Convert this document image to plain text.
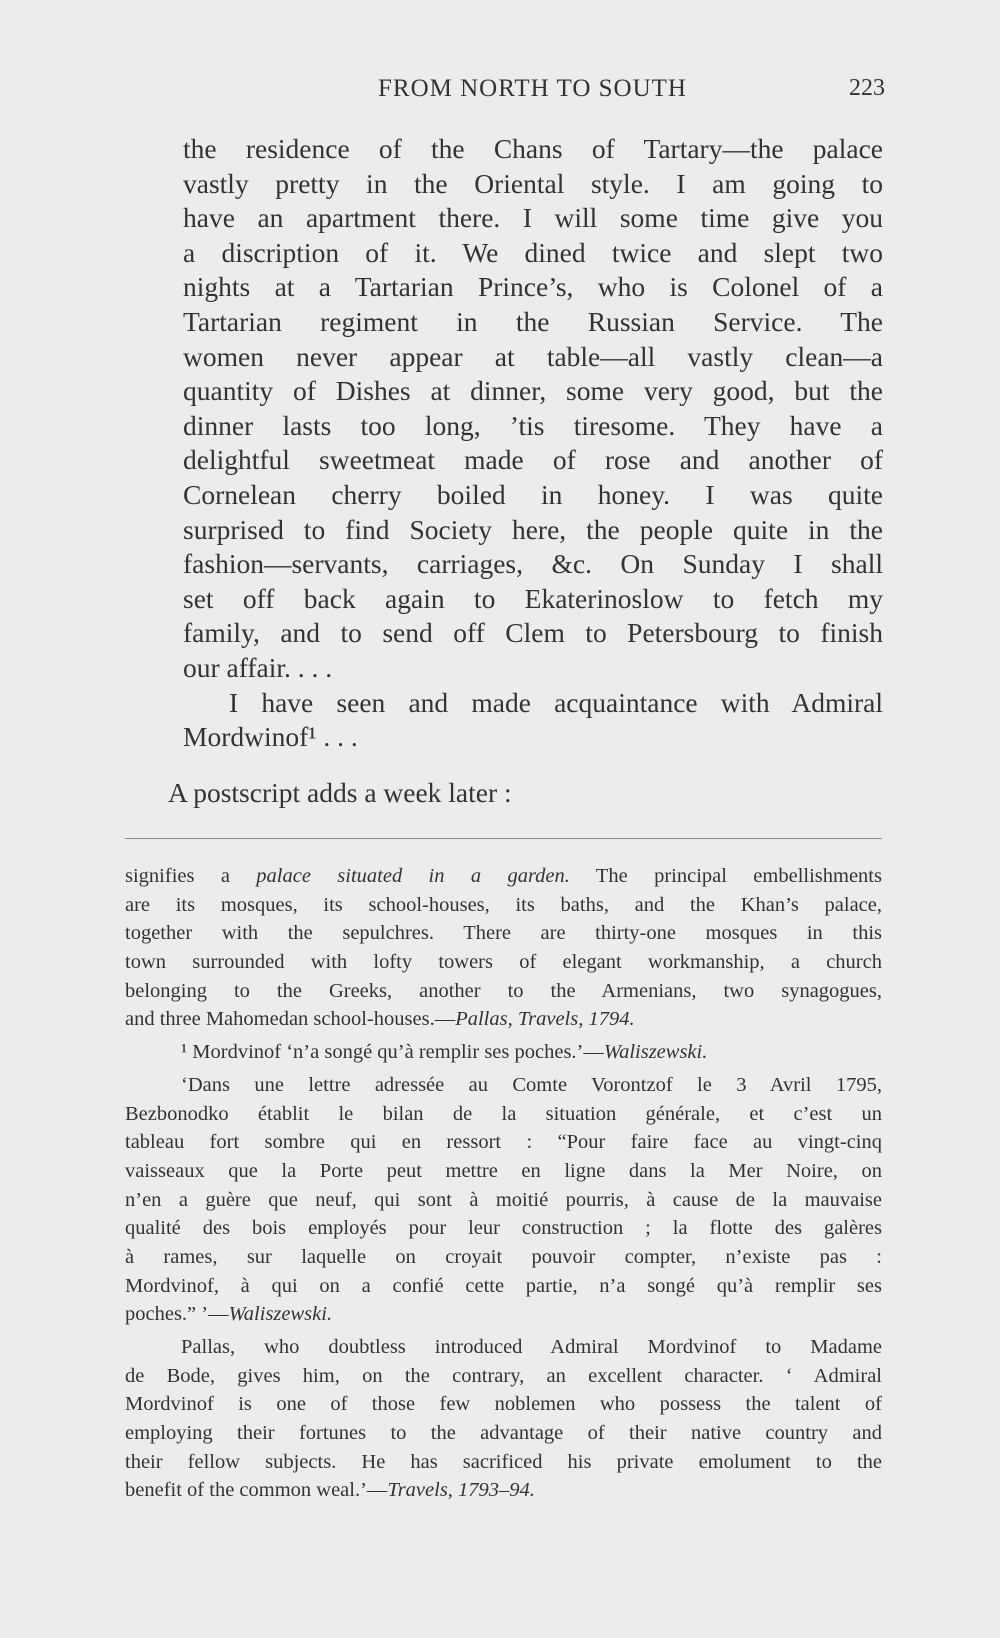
FROM NORTH TO SOUTH	223
the residence of the Chans of Tartary—the palace
vastly pretty in the Oriental style. I am going to
have an apartment there. I will some time give you
a discription of it. We dined twice and slept two
nights at a Tartarian Prince’s, who is Colonel of a
Tartarian regiment in the Russian Service. The
women never appear at table—all vastly clean—a
quantity of Dishes at dinner, some very good, but the
dinner lasts too long, ’tis tiresome. They have a
delightful sweetmeat made of rose and another of
Cornelean cherry boiled in honey. I was quite
surprised to find Society here, the people quite in the
fashion—servants, carriages, &c. On Sunday I shall
set off back again to Ekaterinoslow to fetch my
family, and to send off Clem to Petersbourg to finish
our affair. . . .
I have seen and made acquaintance with Admiral
Mordwinof¹ . . .
A postscript adds a week later :
signifies a palace situated in a garden. The principal embellishments
are its mosques, its school-houses, its baths, and the Khan’s palace,
together with the sepulchres. There are thirty-one mosques in this
town surrounded with lofty towers of elegant workmanship, a church
belonging to the Greeks, another to the Armenians, two synagogues,
and three Mahomedan school-houses.—Pallas, Travels, 1794.
¹ Mordvinof ‘n’a songé qu’à remplir ses poches.’—Waliszewski.
‘Dans une lettre adressée au Comte Vorontzof le 3 Avril 1795,
Bezbonodko établit le bilan de la situation générale, et c’est un
tableau fort sombre qui en ressort : “Pour faire face au vingt-cinq
vaisseaux que la Porte peut mettre en ligne dans la Mer Noire, on
n’en a guère que neuf, qui sont à moitié pourris, à cause de la mauvaise
qualité des bois employés pour leur construction ; la flotte des galères
à rames, sur laquelle on croyait pouvoir compter, n’existe pas :
Mordvinof, à qui on a confié cette partie, n’a songé qu’à remplir ses
poches.” ’—Waliszewski.
Pallas, who doubtless introduced Admiral Mordvinof to Madame
de Bode, gives him, on the contrary, an excellent character. ‘ Admiral
Mordvinof is one of those few noblemen who possess the talent of
employing their fortunes to the advantage of their native country and
their fellow subjects. He has sacrificed his private emolument to the
benefit of the common weal.’—Travels, 1793–94.
